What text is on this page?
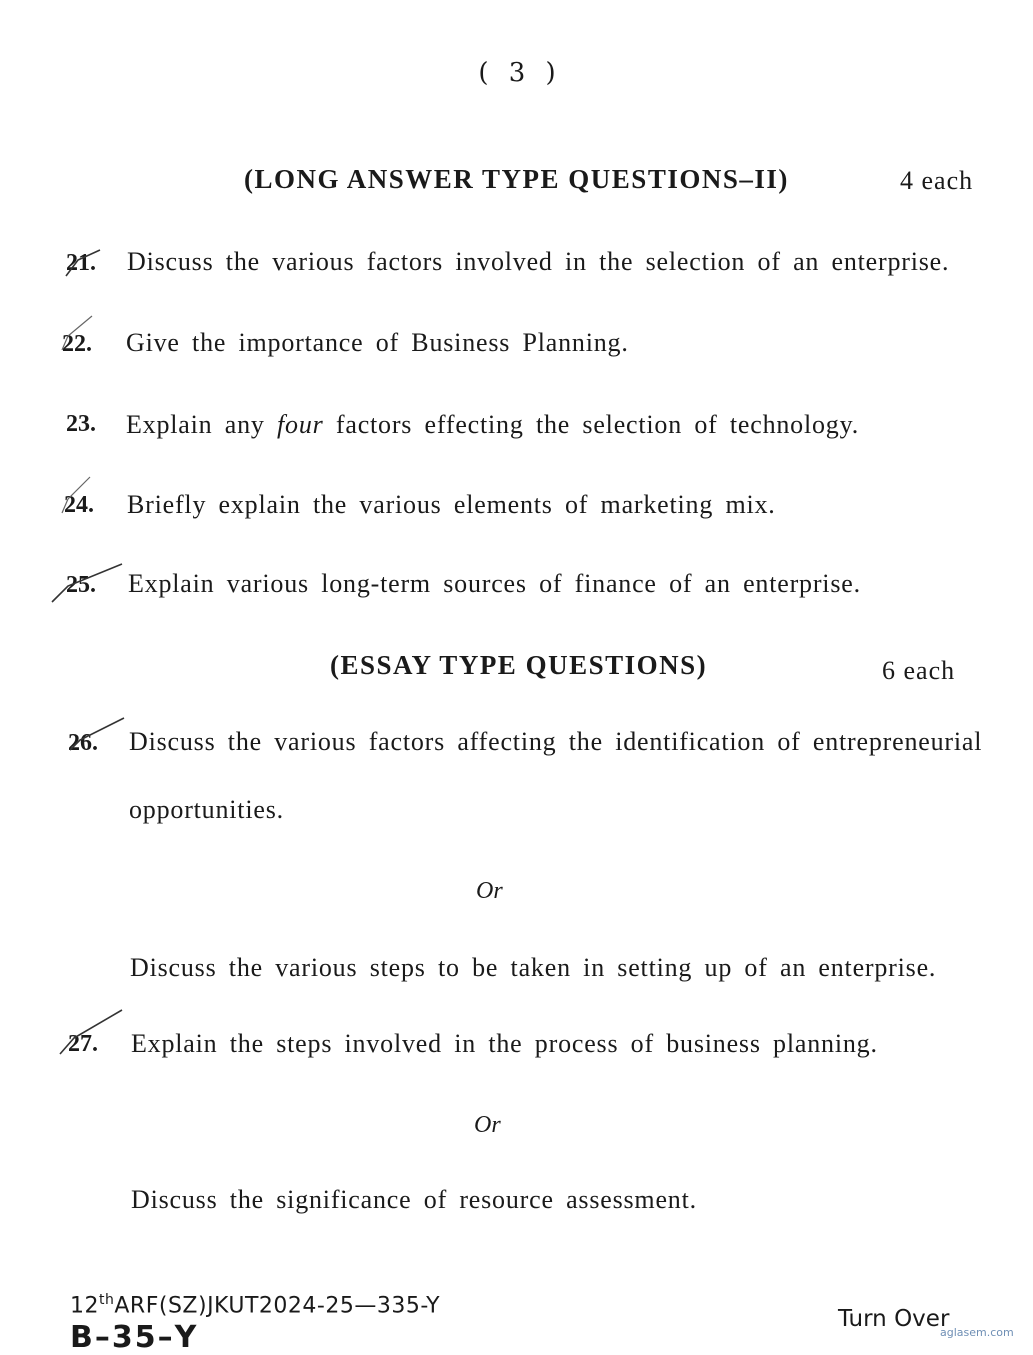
( 3 )
(LONG ANSWER TYPE QUESTIONS–II)	4 each
21. Discuss the various factors involved in the selection of an enterprise.
22. Give the importance of Business Planning.
23. Explain any four factors effecting the selection of technology.
24. Briefly explain the various elements of marketing mix.
25. Explain various long-term sources of finance of an enterprise.
(ESSAY TYPE QUESTIONS)	6 each
26. Discuss the various factors affecting the identification of entrepreneurial
opportunities.
Or
Discuss the various steps to be taken in setting up of an enterprise.
27. Explain the steps involved in the process of business planning.
Or
Discuss the significance of resource assessment.
12thARF(SZ)JKUT2024-25—335-Y
B–35–Y
Turn Over
aglasem.com
